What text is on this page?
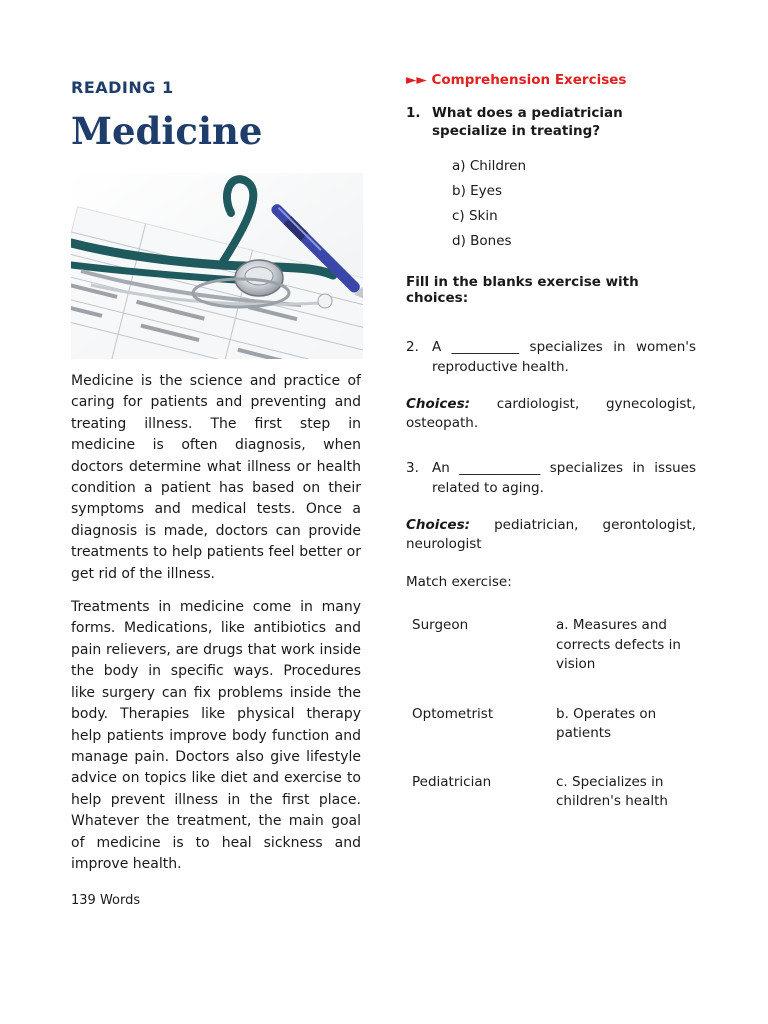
READING 1

Medicine

Medicine is the science and practice of caring for patients and preventing and treating illness. The first step in medicine is often diagnosis, when doctors determine what illness or health condition a patient has based on their symptoms and medical tests. Once a diagnosis is made, doctors can provide treatments to help patients feel better or get rid of the illness.

Treatments in medicine come in many forms. Medications, like antibiotics and pain relievers, are drugs that work inside the body in specific ways. Procedures like surgery can fix problems inside the body. Therapies like physical therapy help patients improve body function and manage pain. Doctors also give lifestyle advice on topics like diet and exercise to help prevent illness in the first place. Whatever the treatment, the main goal of medicine is to heal sickness and improve health.

139 Words
►► Comprehension Exercises
1. What does a pediatrician specialize in treating?
a) Children
b) Eyes
c) Skin
d) Bones
Fill in the blanks exercise with choices:
2. A __________ specializes in women's reproductive health.
Choices: cardiologist, gynecologist, osteopath.
3. An ____________ specializes in issues related to aging.
Choices: pediatrician, gerontologist, neurologist
Match exercise:
Surgeon	a. Measures and corrects defects in vision
Optometrist	b. Operates on patients
Pediatrician	c. Specializes in children's health
